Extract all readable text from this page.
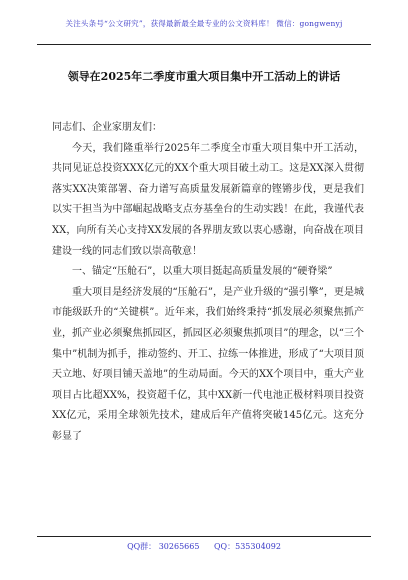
关注头条号“公文研究”，获得最新最全最专业的公文资料库！ 微信：gongwenyj
领导在2025年二季度市重大项目集中开工活动上的讲话

同志们、企业家朋友们：

今天，我们隆重举行2025年二季度全市重大项目集中开工活动，共同见证总投资XXX亿元的XX个重大项目破土动工。这是XX深入贯彻落实XX决策部署、奋力谱写高质量发展新篇章的铿锵步伐，更是我们以实干担当为中部崛起战略支点夯基垒台的生动实践！在此，我谨代表XX，向所有关心支持XX发展的各界朋友致以衷心感谢，向奋战在项目建设一线的同志们致以崇高敬意！

一、锚定“压舱石”，以重大项目挺起高质量发展的“硬脊梁”

重大项目是经济发展的“压舱石”，是产业升级的“强引擎”，更是城市能级跃升的“关键棋”。近年来，我们始终秉持“抓发展必须聚焦抓产业，抓产业必须聚焦抓园区，抓园区必须聚焦抓项目”的理念，以“三个集中”机制为抓手，推动签约、开工、拉练一体推进，形成了“大项目顶天立地、好项目铺天盖地”的生动局面。今天的XX个项目中，重大产业项目占比超XX%，投资超千亿，其中XX新一代电池正极材料项目投资XX亿元，采用全球领先技术，建成后年产值将突破145亿元。这充分彰显了

QQ群： 30265665 QQ：535304092
